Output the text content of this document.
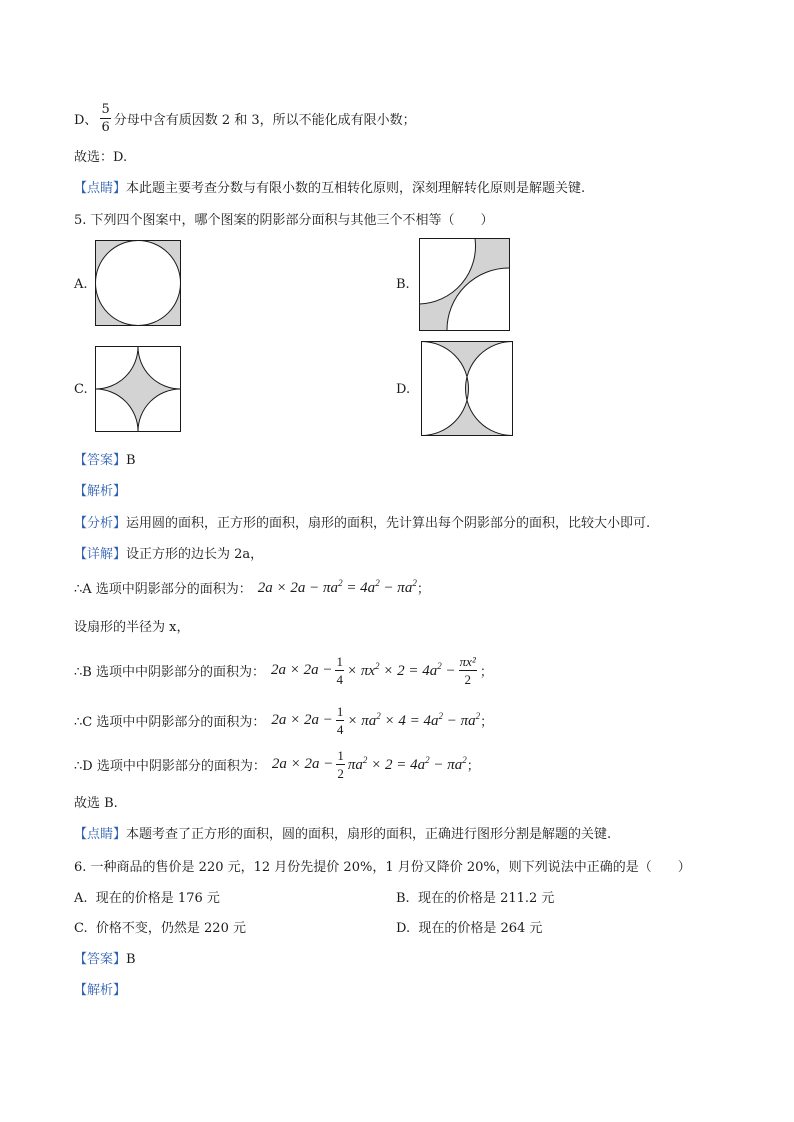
D、 $\frac{5}{6}$ 分母中含有质因数 2 和 3，所以不能化成有限小数；
故选：D.
【点睛】本此题主要考查分数与有限小数的互相转化原则，深刻理解转化原则是解题关键.
5. 下列四个图案中，哪个图案的阴影部分面积与其他三个不相等（　　）
A.	B.
C.	D.
【答案】B
【解析】
【分析】运用圆的面积，正方形的面积，扇形的面积，先计算出每个阴影部分的面积，比较大小即可.
【详解】设正方形的边长为 2a，
∴A 选项中阴影部分的面积为： $2a \times 2a - \pi a^2 = 4a^2 - \pi a^2$ ；
设扇形的半径为 x，
∴B 选项中中阴影部分的面积为： $2a \times 2a - \frac{1}{4} \times \pi x^2 \times 2 = 4a^2 - \frac{\text{πx²}}{2}$ ；
∴C 选项中中阴影部分的面积为： $2a \times 2a - \frac{1}{4} \times \pi a^2 \times 4 = 4a^2 - \pi a^2$ ；
∴D 选项中中阴影部分的面积为： $2a \times 2a - \frac{1}{2} \pi a^2 \times 2 = 4a^2 - \pi a^2$ ；
故选 B.
【点睛】本题考查了正方形的面积，圆的面积，扇形的面积，正确进行图形分割是解题的关键.
6. 一种商品的售价是 220 元，12 月份先提价 20%，1 月份又降价 20%，则下列说法中正确的是（　　）
A. 现在的价格是 176 元	B. 现在的价格是 211.2 元
C. 价格不变，仍然是 220 元	D. 现在的价格是 264 元
【答案】B
【解析】
